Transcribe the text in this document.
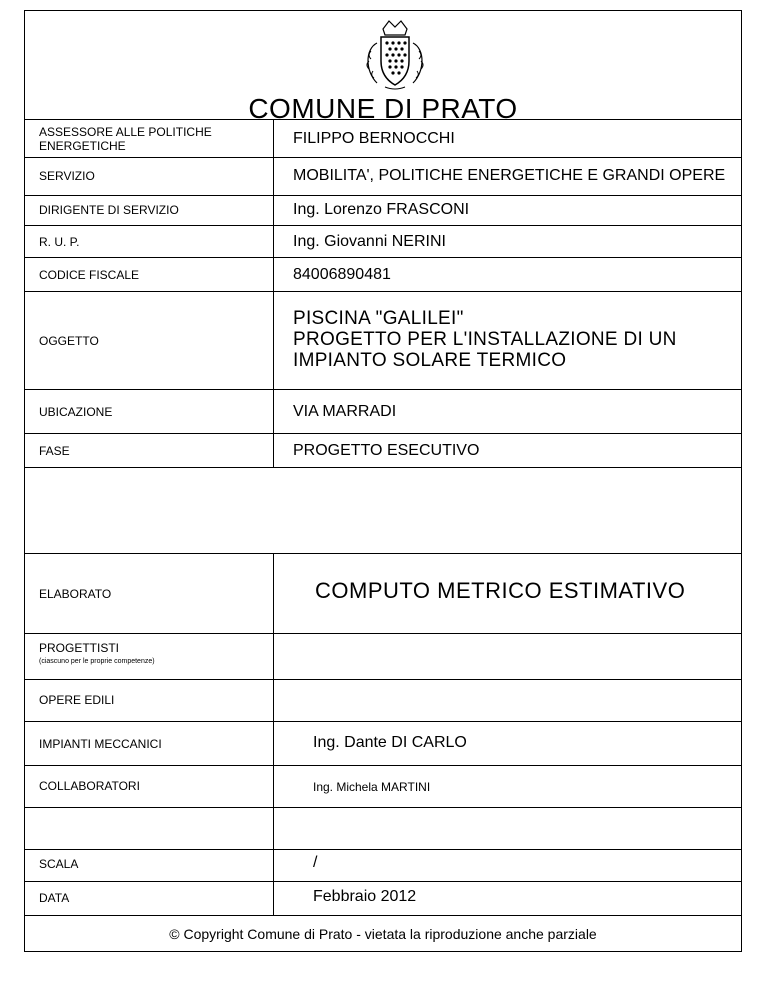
COMUNE DI PRATO
ASSESSORE ALLE POLITICHE
ENERGETICHE
SERVIZIO
DIRIGENTE DI SERVIZIO
R. U. P.
CODICE FISCALE
OGGETTO
UBICAZIONE
FASE
ELABORATO
PROGETTISTI
(ciascuno per le proprie competenze)
OPERE EDILI
IMPIANTI MECCANICI
COLLABORATORI
SCALA
DATA
FILIPPO BERNOCCHI
MOBILITA', POLITICHE ENERGETICHE E GRANDI OPERE
Ing. Lorenzo FRASCONI
Ing. Giovanni NERINI
84006890481
PISCINA "GALILEI"
PROGETTO PER L'INSTALLAZIONE DI UN
IMPIANTO SOLARE TERMICO
VIA MARRADI
PROGETTO ESECUTIVO
COMPUTO METRICO ESTIMATIVO
Ing. Dante DI CARLO
Ing. Michela MARTINI
/
Febbraio 2012
© Copyright Comune di Prato - vietata la riproduzione anche parziale
